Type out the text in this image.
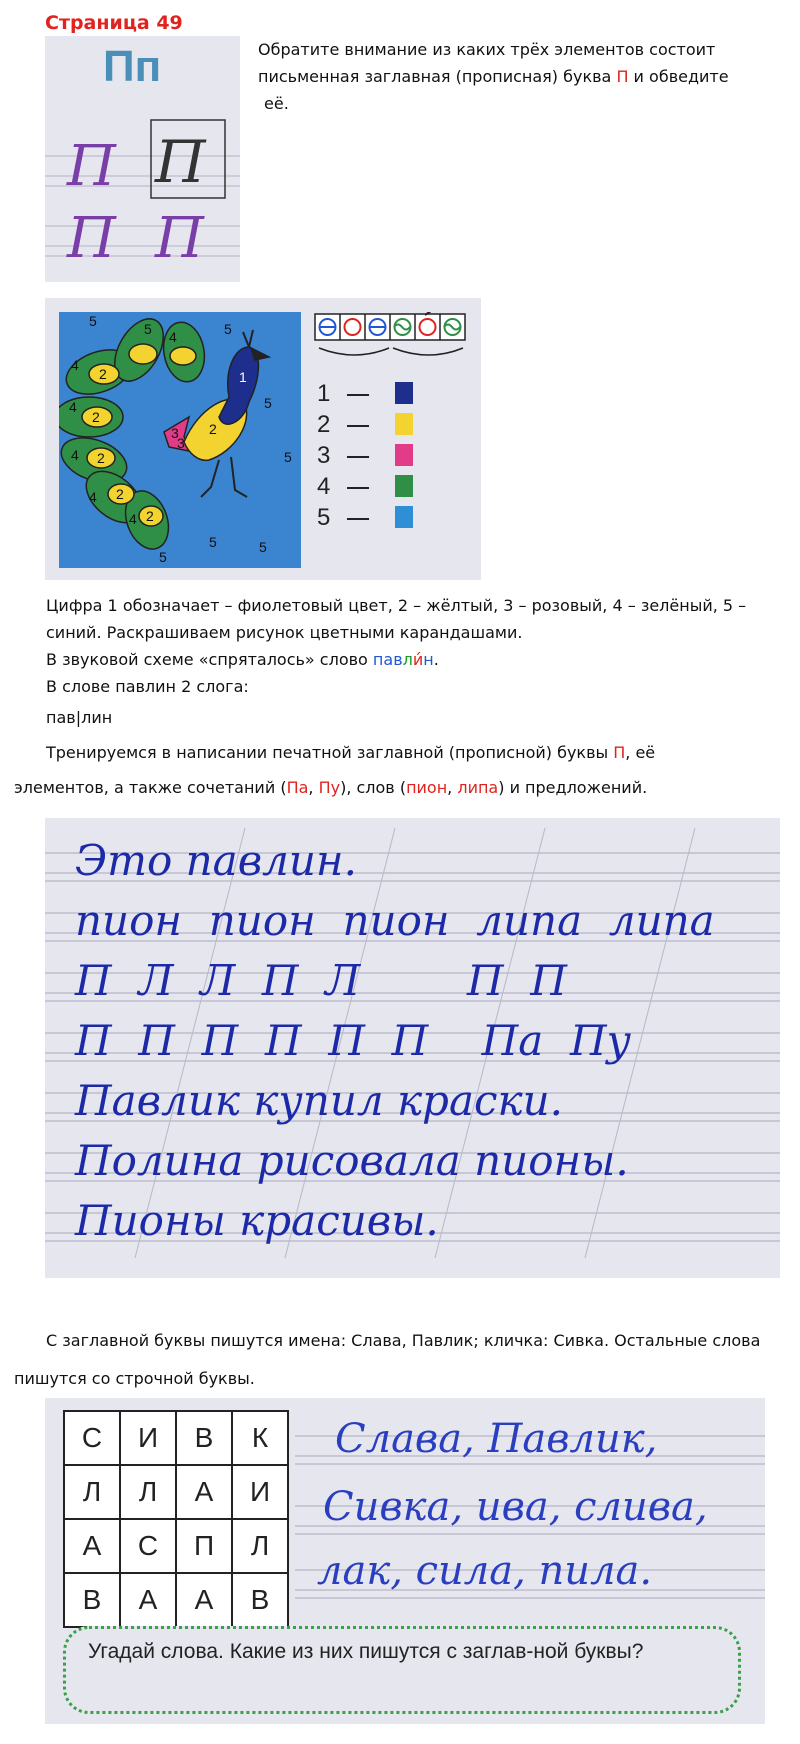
Страница 49
Пп
П П
П П
Обратите внимание из каких трёх элементов состоит
письменная заглавная (прописная) буква П и обведите
её.
5	5
5
5
4
2
4
4
2
4 2
4 2
4 2
3
5
5
5
5
1
2
3
1
2
3
4
5
Цифра 1 обозначает – фиолетовый цвет, 2 – жёлтый, 3 – розовый, 4 – зелёный, 5 –
синий. Раскрашиваем рисунок цветными карандашами.
В звуковой схеме «спряталось» слово павли́н.
В слове павлин 2 слога:
пав|лин
Тренируемся в написании печатной заглавной (прописной) буквы П, её
элементов, а также сочетаний (Па, Пу), слов (пион, липа) и предложений.
Это павлин.
пион  пион  пион  липа  липа
П  Л  Л  П  Л        П  П
П  П  П  П  П  П    Па  Пу
Павлик купил краски.
Полина рисовала пионы.
Пионы красивы.
С заглавной буквы пишутся имена: Слава, Павлик; кличка: Сивка. Остальные слова
пишутся со строчной буквы.
С	И	В	К
Л	Л	А	И
А	С	П	Л
В	А	А	В
Слава, Павлик,
Сивка, ива, слива,
лак, сила, пила.
Угадай слова. Какие из них пишутся с заглав-ной буквы?
